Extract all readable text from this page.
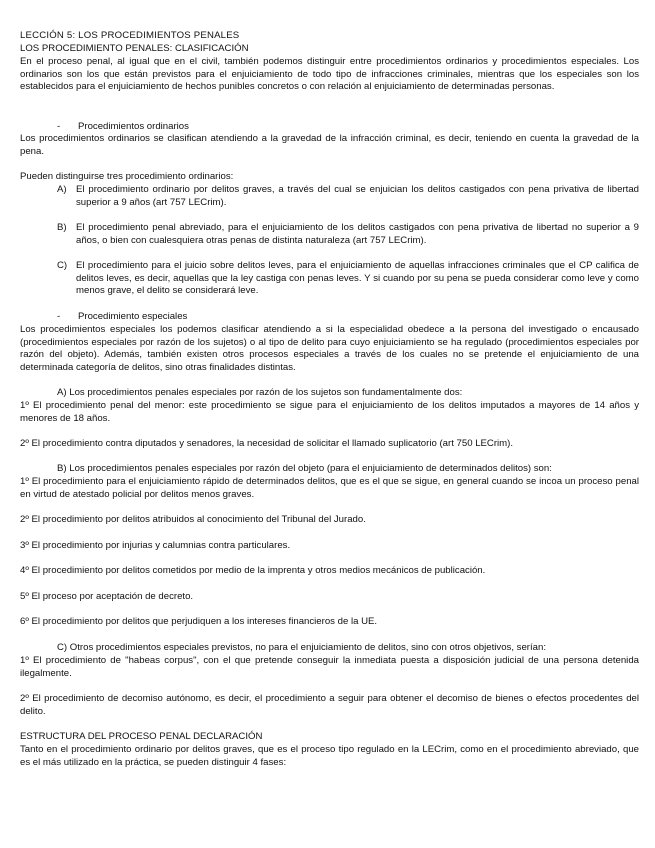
LECCIÓN 5: LOS PROCEDIMIENTOS PENALES
LOS PROCEDIMIENTO PENALES: CLASIFICACIÓN

En el proceso penal, al igual que en el civil, también podemos distinguir entre procedimientos ordinarios y procedimientos especiales. Los ordinarios son los que están previstos para el enjuiciamiento de todo tipo de infracciones criminales, mientras que los especiales son los establecidos para el enjuiciamiento de hechos punibles concretos o con relación al enjuiciamiento de determinadas personas.

- Procedimientos ordinarios

Los procedimientos ordinarios se clasifican atendiendo a la gravedad de la infracción criminal, es decir, teniendo en cuenta la gravedad de la pena.

Pueden distinguirse tres procedimiento ordinarios:
A) El procedimiento ordinario por delitos graves, a través del cual se enjuician los delitos castigados con pena privativa de libertad superior a 9 años (art 757 LECrim).

B) El procedimiento penal abreviado, para el enjuiciamiento de los delitos castigados con pena privativa de libertad no superior a 9 años, o bien con cualesquiera otras penas de distinta naturaleza (art 757 LECrim).

C) El procedimiento para el juicio sobre delitos leves, para el enjuiciamiento de aquellas infracciones criminales que el CP califica de delitos leves, es decir, aquellas que la ley castiga con penas leves. Y si cuando por su pena se pueda considerar como leve y como menos grave, el delito se considerará leve.

- Procedimiento especiales

Los procedimientos especiales los podemos clasificar atendiendo a si la especialidad obedece a la persona del investigado o encausado (procedimientos especiales por razón de los sujetos) o al tipo de delito para cuyo enjuiciamiento se ha regulado (procedimientos especiales por razón del objeto). Además, también existen otros procesos especiales a través de los cuales no se pretende el enjuiciamiento de una determinada categoría de delitos, sino otras finalidades distintas.

A) Los procedimientos penales especiales por razón de los sujetos son fundamentalmente dos:

1º El procedimiento penal del menor: este procedimiento se sigue para el enjuiciamiento de los delitos imputados a mayores de 14 años y menores de 18 años.

2º El procedimiento contra diputados y senadores, la necesidad de solicitar el llamado suplicatorio (art 750 LECrim).

B) Los procedimientos penales especiales por razón del objeto (para el enjuiciamiento de determinados delitos) son:

1º El procedimiento para el enjuiciamiento rápido de determinados delitos, que es el que se sigue, en general cuando se incoa un proceso penal en virtud de atestado policial por delitos menos graves.

2º El procedimiento por delitos atribuidos al conocimiento del Tribunal del Jurado.

3º El procedimiento por injurias y calumnias contra particulares.

4º El procedimiento por delitos cometidos por medio de la imprenta y otros medios mecánicos de publicación.

5º El proceso por aceptación de decreto.

6º El procedimiento por delitos que perjudiquen a los intereses financieros de la UE.

C) Otros procedimientos especiales previstos, no para el enjuiciamiento de delitos, sino con otros objetivos, serían:

1º El procedimiento de "habeas corpus", con el que pretende conseguir la inmediata puesta a disposición judicial de una persona detenida ilegalmente.

2º El procedimiento de decomiso autónomo, es decir, el procedimiento a seguir para obtener el decomiso de bienes o efectos procedentes del delito.

ESTRUCTURA DEL PROCESO PENAL DECLARACIÓN

Tanto en el procedimiento ordinario por delitos graves, que es el proceso tipo regulado en la LECrim, como en el procedimiento abreviado, que es el más utilizado en la práctica, se pueden distinguir 4 fases:
